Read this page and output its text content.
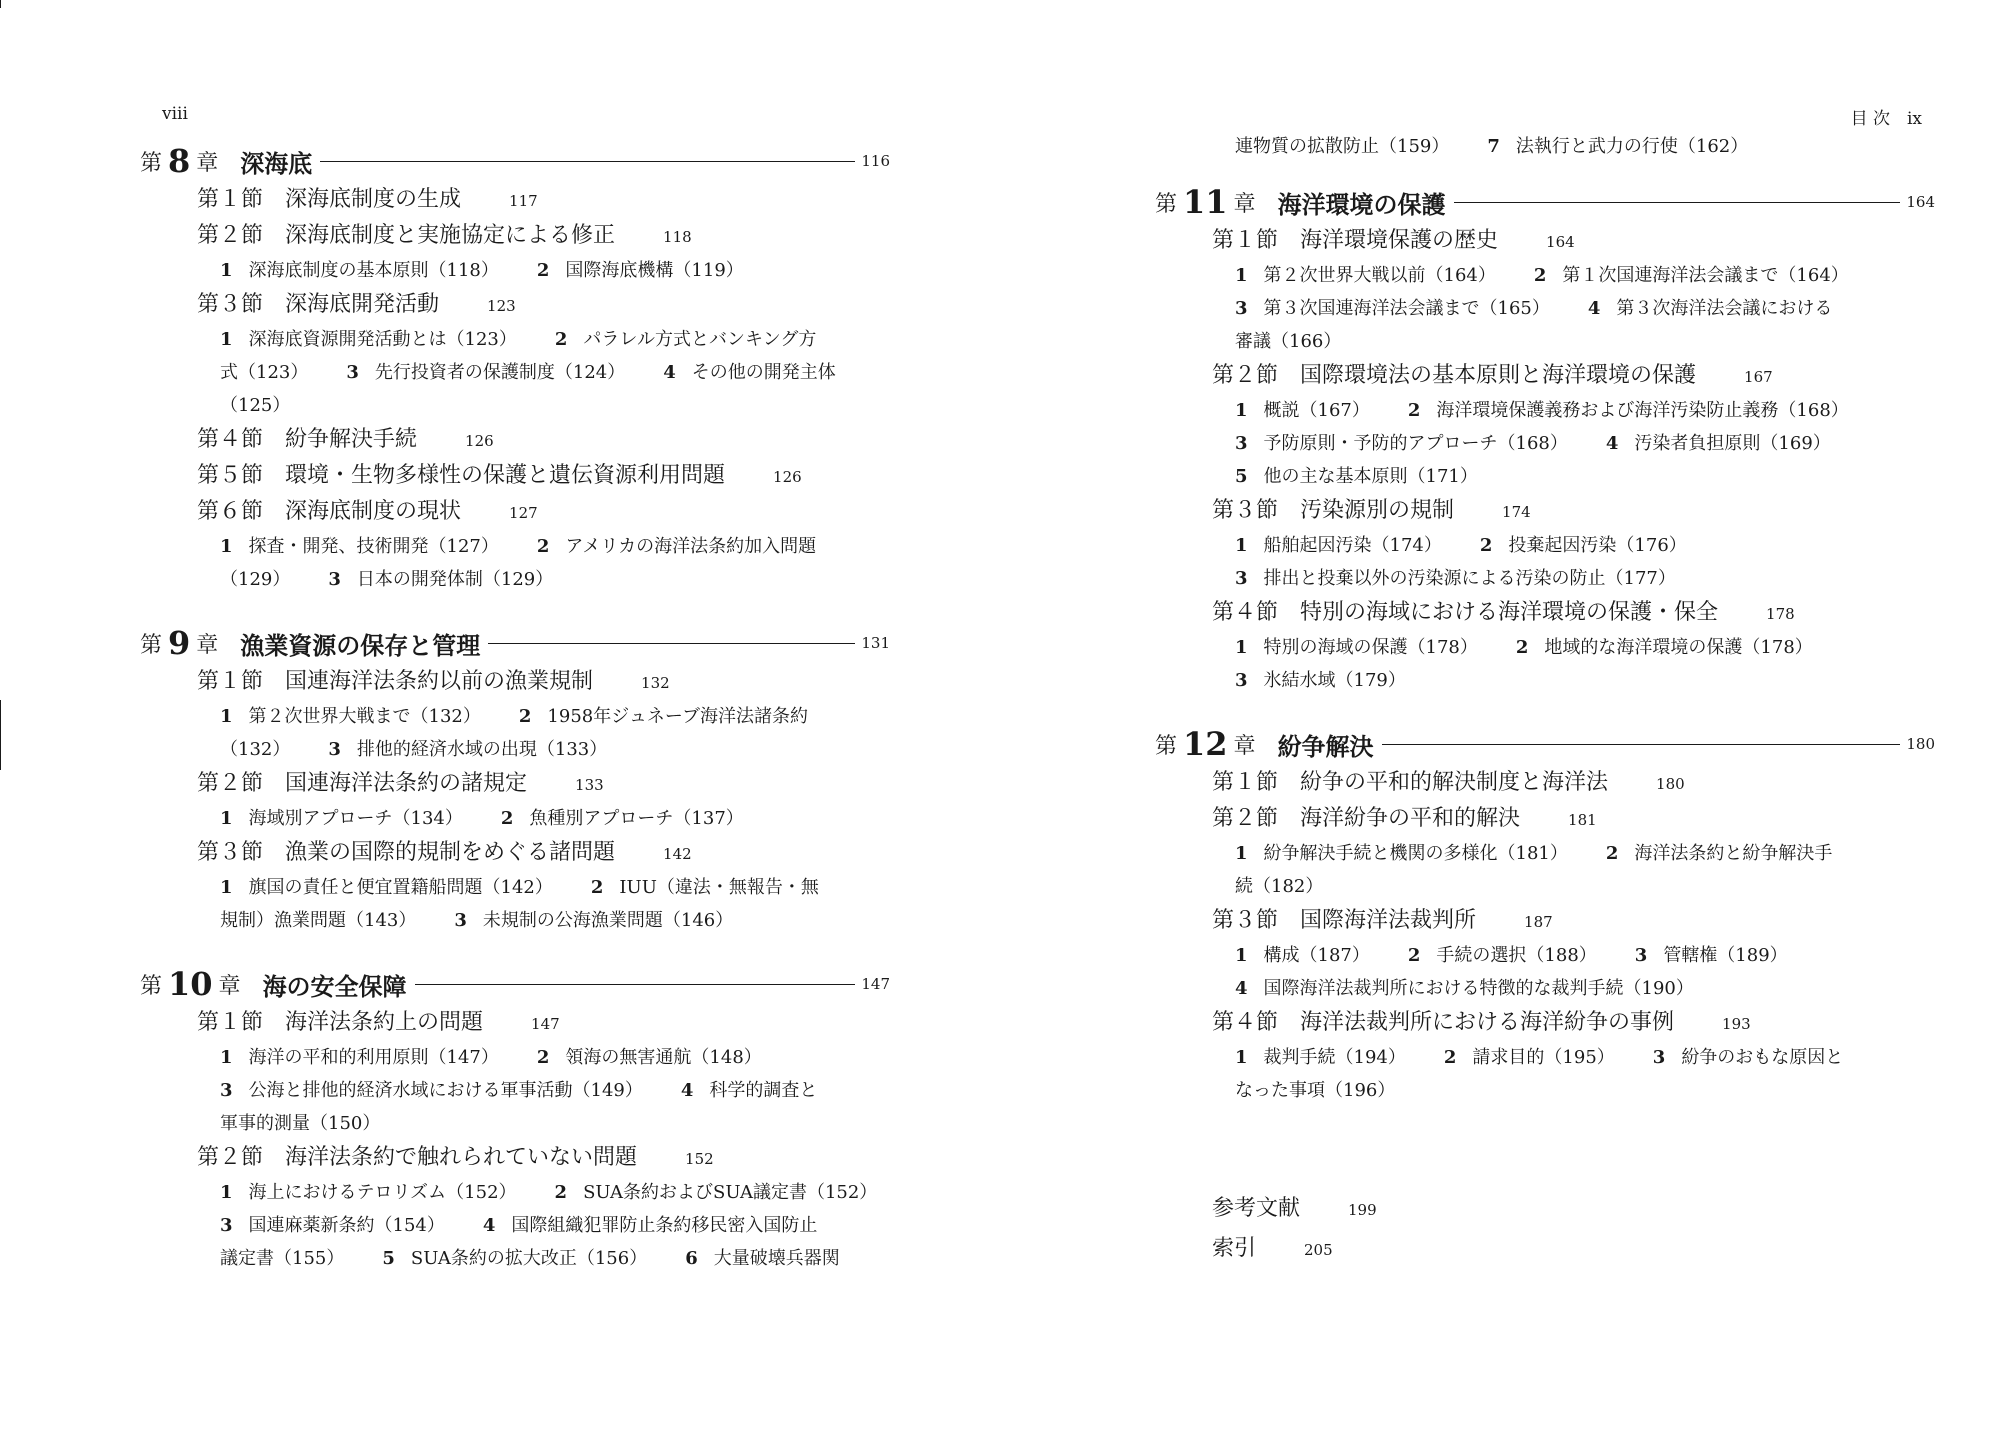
viii
第 8 章 深海底	116
第１節 深海底制度の生成	117
第２節 深海底制度と実施協定による修正	118
1 深海底制度の基本原則（118） 2 国際海底機構（119）
第３節 深海底開発活動	123
1 深海底資源開発活動とは（123） 2 パラレル方式とバンキング方
式（123） 3 先行投資者の保護制度（124） 4 その他の開発主体
（125）
第４節 紛争解決手続	126
第５節 環境・生物多様性の保護と遺伝資源利用問題	126
第６節 深海底制度の現状	127
1 探査・開発、技術開発（127） 2 アメリカの海洋法条約加入問題
（129） 3 日本の開発体制（129）
第 9 章 漁業資源の保存と管理	131
第１節 国連海洋法条約以前の漁業規制	132
1 第２次世界大戦まで（132） 2 1958年ジュネーブ海洋法諸条約
（132） 3 排他的経済水域の出現（133）
第２節 国連海洋法条約の諸規定	133
1 海域別アプローチ（134） 2 魚種別アプローチ（137）
第３節 漁業の国際的規制をめぐる諸問題	142
1 旗国の責任と便宜置籍船問題（142） 2 IUU（違法・無報告・無
規制）漁業問題（143） 3 未規制の公海漁業問題（146）
第 10 章 海の安全保障	147
第１節 海洋法条約上の問題	147
1 海洋の平和的利用原則（147） 2 領海の無害通航（148）
3 公海と排他的経済水域における軍事活動（149） 4 科学的調査と
軍事的測量（150）
第２節 海洋法条約で触れられていない問題	152
1 海上におけるテロリズム（152） 2 SUA条約およびSUA議定書（152）
3 国連麻薬新条約（154） 4 国際組織犯罪防止条約移民密入国防止
議定書（155） 5 SUA条約の拡大改正（156） 6 大量破壊兵器関
目 次　ix
連物質の拡散防止（159） 7 法執行と武力の行使（162）
第 11 章 海洋環境の保護	164
第１節 海洋環境保護の歴史	164
1 第２次世界大戦以前（164） 2 第１次国連海洋法会議まで（164）
3 第３次国連海洋法会議まで（165） 4 第３次海洋法会議における
審議（166）
第２節 国際環境法の基本原則と海洋環境の保護	167
1 概説（167） 2 海洋環境保護義務および海洋汚染防止義務（168）
3 予防原則・予防的アプローチ（168） 4 汚染者負担原則（169）
5 他の主な基本原則（171）
第３節 汚染源別の規制	174
1 船舶起因汚染（174） 2 投棄起因汚染（176）
3 排出と投棄以外の汚染源による汚染の防止（177）
第４節 特別の海域における海洋環境の保護・保全	178
1 特別の海域の保護（178） 2 地域的な海洋環境の保護（178）
3 氷結水域（179）
第 12 章 紛争解決	180
第１節 紛争の平和的解決制度と海洋法	180
第２節 海洋紛争の平和的解決	181
1 紛争解決手続と機関の多様化（181） 2 海洋法条約と紛争解決手
続（182）
第３節 国際海洋法裁判所	187
1 構成（187） 2 手続の選択（188） 3 管轄権（189）
4 国際海洋法裁判所における特徴的な裁判手続（190）
第４節 海洋法裁判所における海洋紛争の事例	193
1 裁判手続（194） 2 請求目的（195） 3 紛争のおもな原因と
なった事項（196）
参考文献	199
索引	205
